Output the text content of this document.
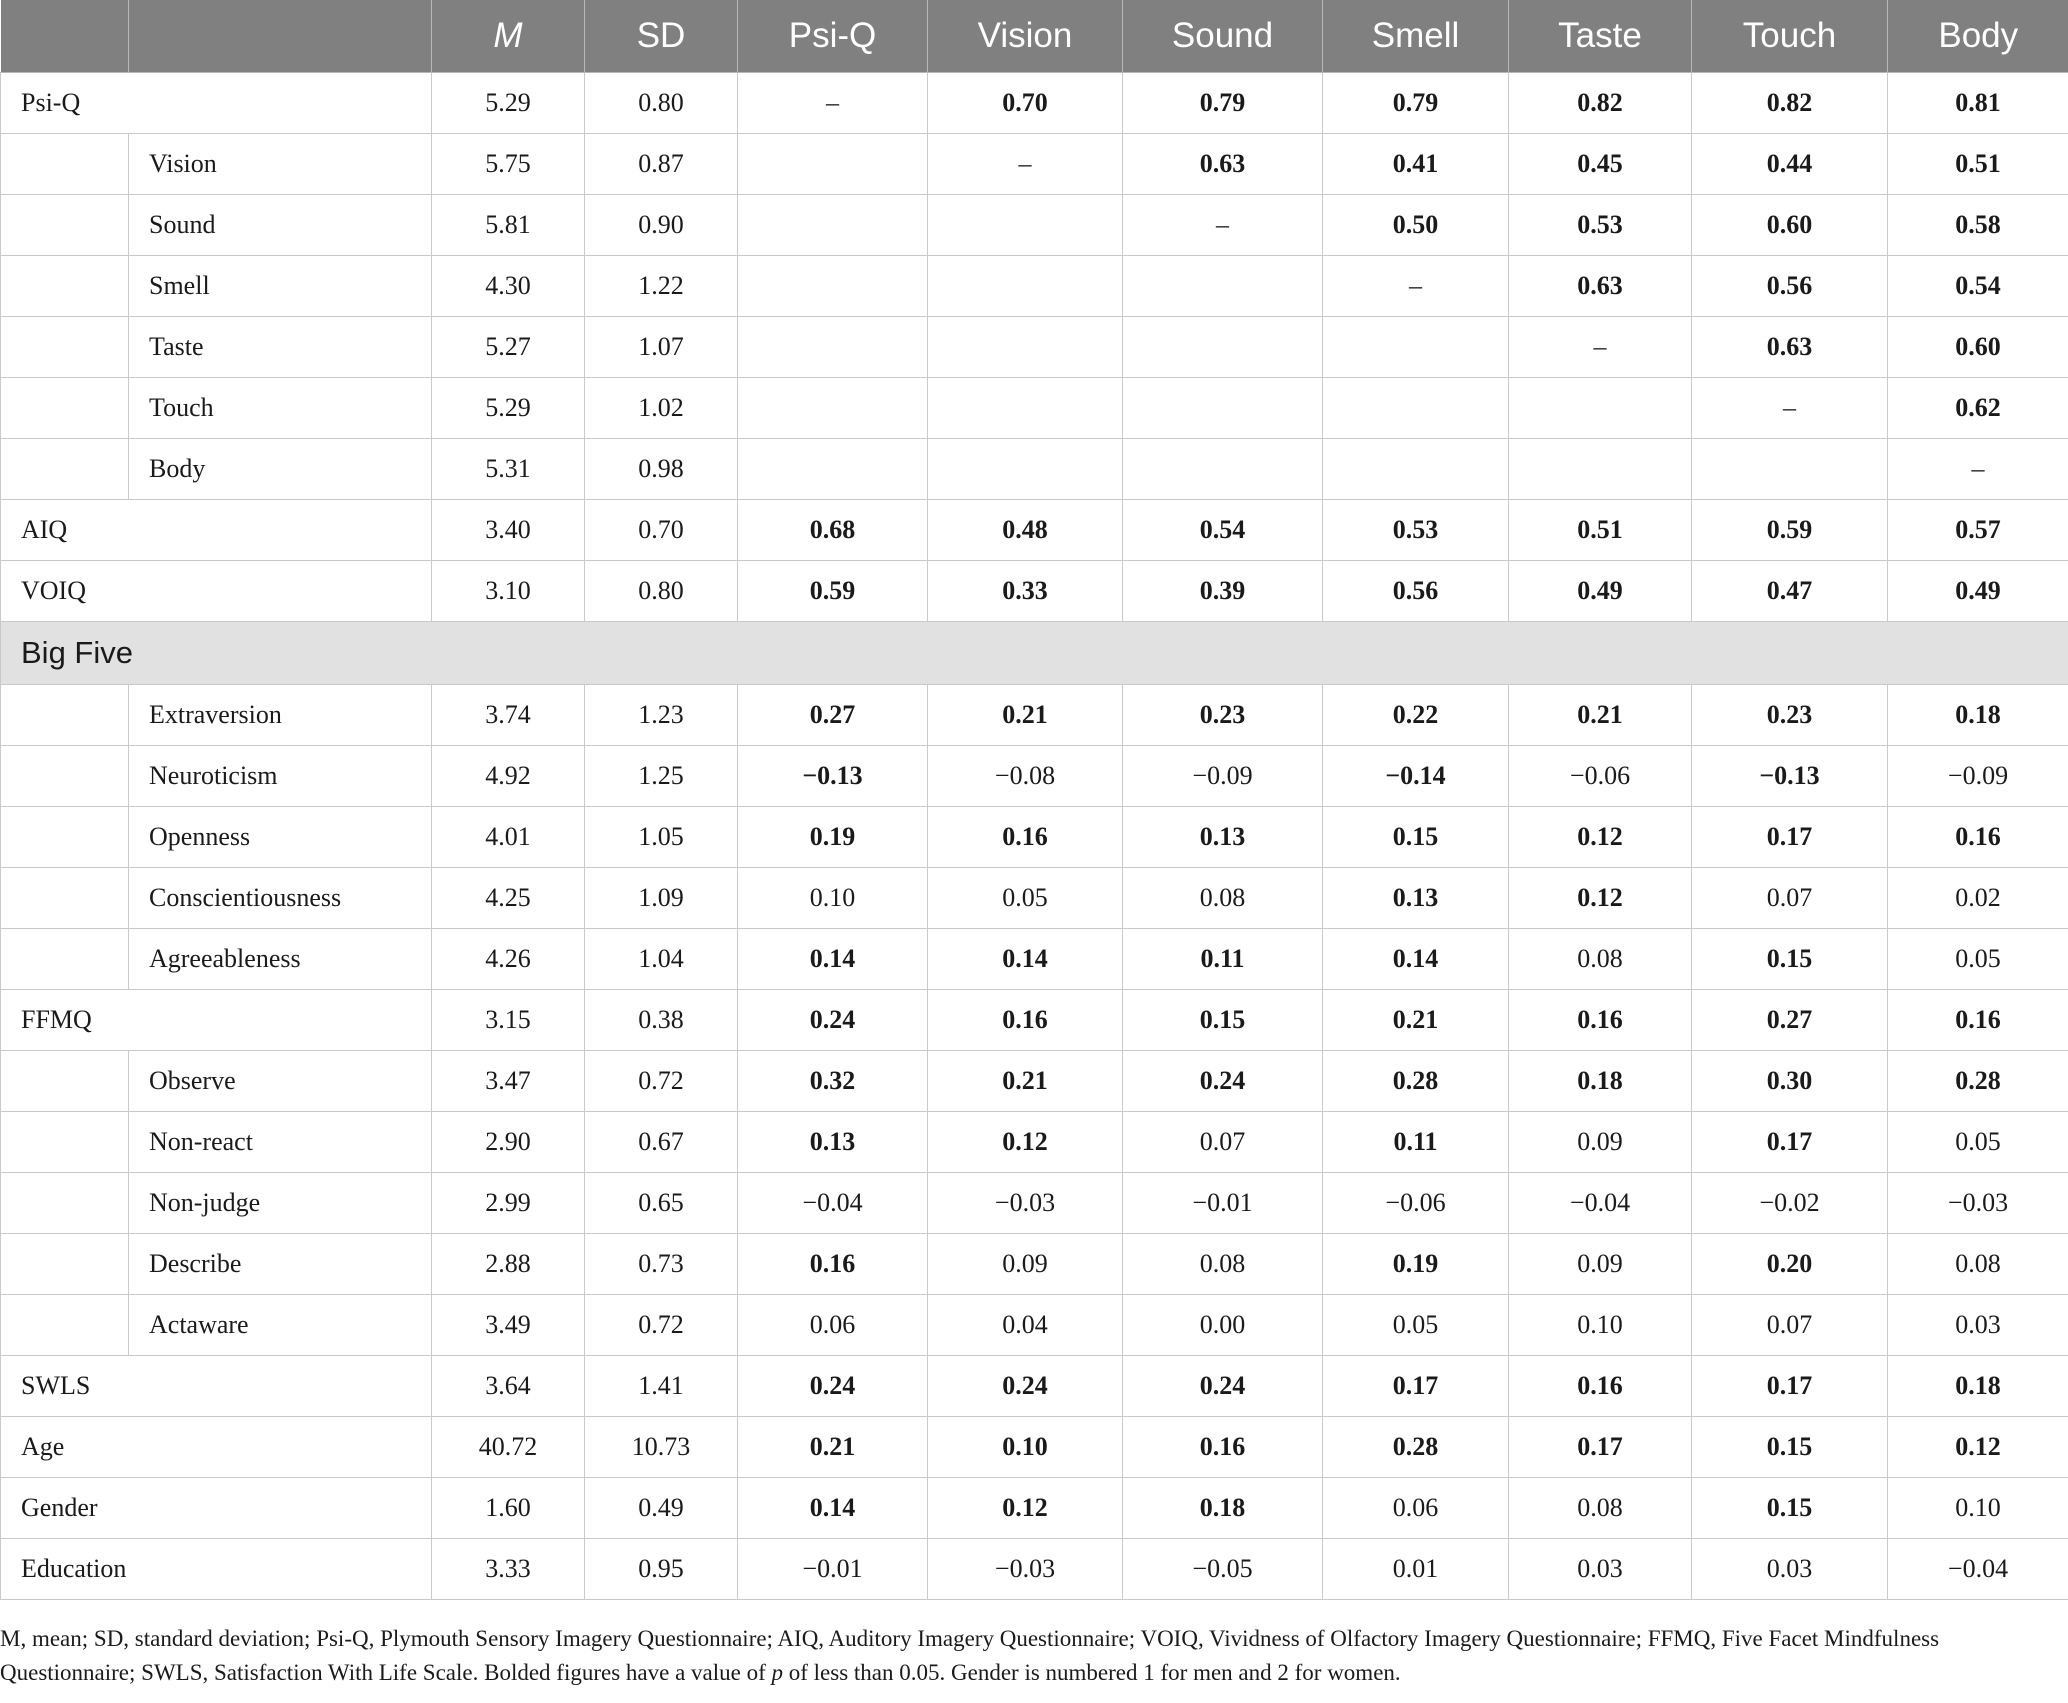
		M	SD	Psi-Q	Vision	Sound	Smell	Taste	Touch	Body
Psi-Q		5.29	0.80	–	0.70	0.79	0.79	0.82	0.82	0.81
	Vision	5.75	0.87		–	0.63	0.41	0.45	0.44	0.51
	Sound	5.81	0.90			–	0.50	0.53	0.60	0.58
	Smell	4.30	1.22				–	0.63	0.56	0.54
	Taste	5.27	1.07					–	0.63	0.60
	Touch	5.29	1.02						–	0.62
	Body	5.31	0.98							–
AIQ		3.40	0.70	0.68	0.48	0.54	0.53	0.51	0.59	0.57
VOIQ		3.10	0.80	0.59	0.33	0.39	0.56	0.49	0.47	0.49
Big Five										
	Extraversion	3.74	1.23	0.27	0.21	0.23	0.22	0.21	0.23	0.18
	Neuroticism	4.92	1.25	−0.13	−0.08	−0.09	−0.14	−0.06	−0.13	−0.09
	Openness	4.01	1.05	0.19	0.16	0.13	0.15	0.12	0.17	0.16
	Conscientiousness	4.25	1.09	0.10	0.05	0.08	0.13	0.12	0.07	0.02
	Agreeableness	4.26	1.04	0.14	0.14	0.11	0.14	0.08	0.15	0.05
FFMQ		3.15	0.38	0.24	0.16	0.15	0.21	0.16	0.27	0.16
	Observe	3.47	0.72	0.32	0.21	0.24	0.28	0.18	0.30	0.28
	Non-react	2.90	0.67	0.13	0.12	0.07	0.11	0.09	0.17	0.05
	Non-judge	2.99	0.65	−0.04	−0.03	−0.01	−0.06	−0.04	−0.02	−0.03
	Describe	2.88	0.73	0.16	0.09	0.08	0.19	0.09	0.20	0.08
	Actaware	3.49	0.72	0.06	0.04	0.00	0.05	0.10	0.07	0.03
SWLS		3.64	1.41	0.24	0.24	0.24	0.17	0.16	0.17	0.18
Age		40.72	10.73	0.21	0.10	0.16	0.28	0.17	0.15	0.12
Gender		1.60	0.49	0.14	0.12	0.18	0.06	0.08	0.15	0.10
Education		3.33	0.95	−0.01	−0.03	−0.05	0.01	0.03	0.03	−0.04
M, mean; SD, standard deviation; Psi-Q, Plymouth Sensory Imagery Questionnaire; AIQ, Auditory Imagery Questionnaire; VOIQ, Vividness of Olfactory Imagery Questionnaire; FFMQ, Five Facet Mindfulness Questionnaire; SWLS, Satisfaction With Life Scale. Bolded figures have a value of p of less than 0.05. Gender is numbered 1 for men and 2 for women.
